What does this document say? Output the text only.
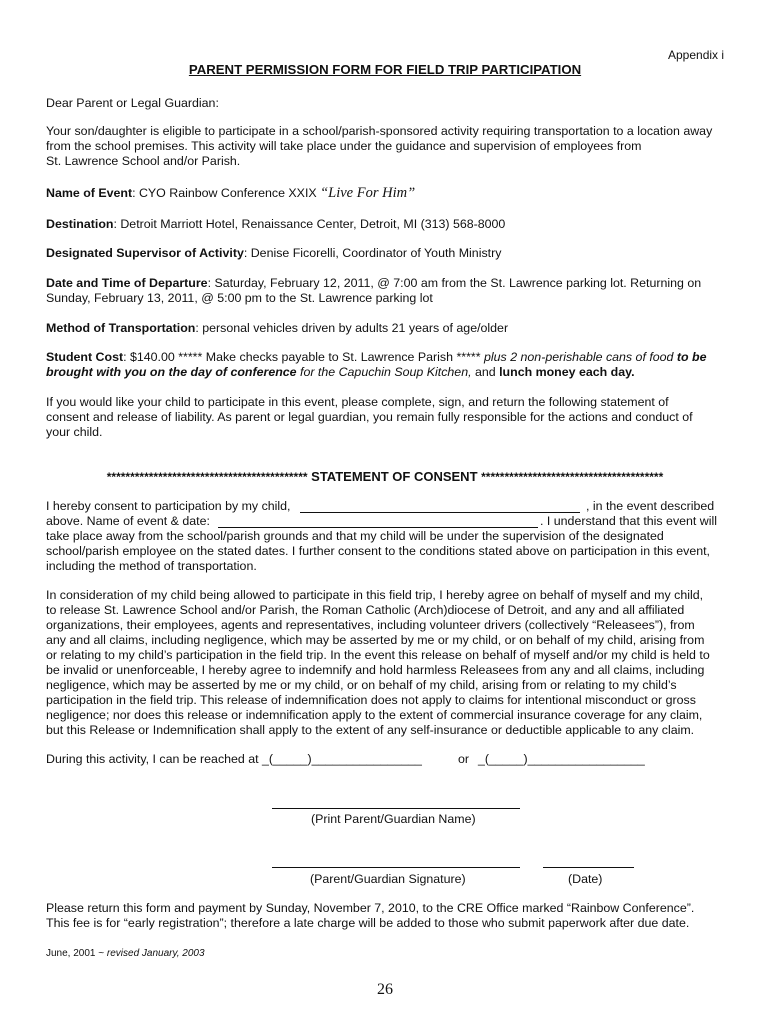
Appendix i
PARENT PERMISSION FORM FOR FIELD TRIP PARTICIPATION
Dear Parent or Legal Guardian:
Your son/daughter is eligible to participate in a school/parish-sponsored activity requiring transportation to a location away
from the school premises. This activity will take place under the guidance and supervision of employees from
St. Lawrence School and/or Parish.
Name of Event: CYO Rainbow Conference XXIX “Live For Him”
Destination: Detroit Marriott Hotel, Renaissance Center, Detroit, MI (313) 568-8000
Designated Supervisor of Activity: Denise Ficorelli, Coordinator of Youth Ministry
Date and Time of Departure: Saturday, February 12, 2011, @ 7:00 am from the St. Lawrence parking lot. Returning on
Sunday, February 13, 2011, @ 5:00 pm to the St. Lawrence parking lot
Method of Transportation: personal vehicles driven by adults 21 years of age/older
Student Cost: $140.00 ***** Make checks payable to St. Lawrence Parish ***** plus 2 non-perishable cans of food to be
brought with you on the day of conference for the Capuchin Soup Kitchen, and lunch money each day.
If you would like your child to participate in this event, please complete, sign, and return the following statement of
consent and release of liability. As parent or legal guardian, you remain fully responsible for the actions and conduct of
your child.
******************************************* STATEMENT OF CONSENT ***************************************
I hereby consent to participation by my child,	, in the event described
above. Name of event & date:	. I understand that this event will
take place away from the school/parish grounds and that my child will be under the supervision of the designated
school/parish employee on the stated dates. I further consent to the conditions stated above on participation in this event,
including the method of transportation.
In consideration of my child being allowed to participate in this field trip, I hereby agree on behalf of myself and my child,
to release St. Lawrence School and/or Parish, the Roman Catholic (Arch)diocese of Detroit, and any and all affiliated
organizations, their employees, agents and representatives, including volunteer drivers (collectively “Releasees”), from
any and all claims, including negligence, which may be asserted by me or my child, or on behalf of my child, arising from
or relating to my child’s participation in the field trip. In the event this release on behalf of myself and/or my child is held to
be invalid or unenforceable, I hereby agree to indemnify and hold harmless Releasees from any and all claims, including
negligence, which may be asserted by me or my child, or on behalf of my child, arising from or relating to my child’s
participation in the field trip. This release of indemnification does not apply to claims for intentional misconduct or gross
negligence; nor does this release or indemnification apply to the extent of commercial insurance coverage for any claim,
but this Release or Indemnification shall apply to the extent of any self-insurance or deductible applicable to any claim.
During this activity, I can be reached at _(_____)________________	or _(_____)_________________
(Print Parent/Guardian Name)
(Parent/Guardian Signature)	(Date)
Please return this form and payment by Sunday, November 7, 2010, to the CRE Office marked “Rainbow Conference”.
This fee is for “early registration”; therefore a late charge will be added to those who submit paperwork after due date.
June, 2001 ~ revised January, 2003
26
